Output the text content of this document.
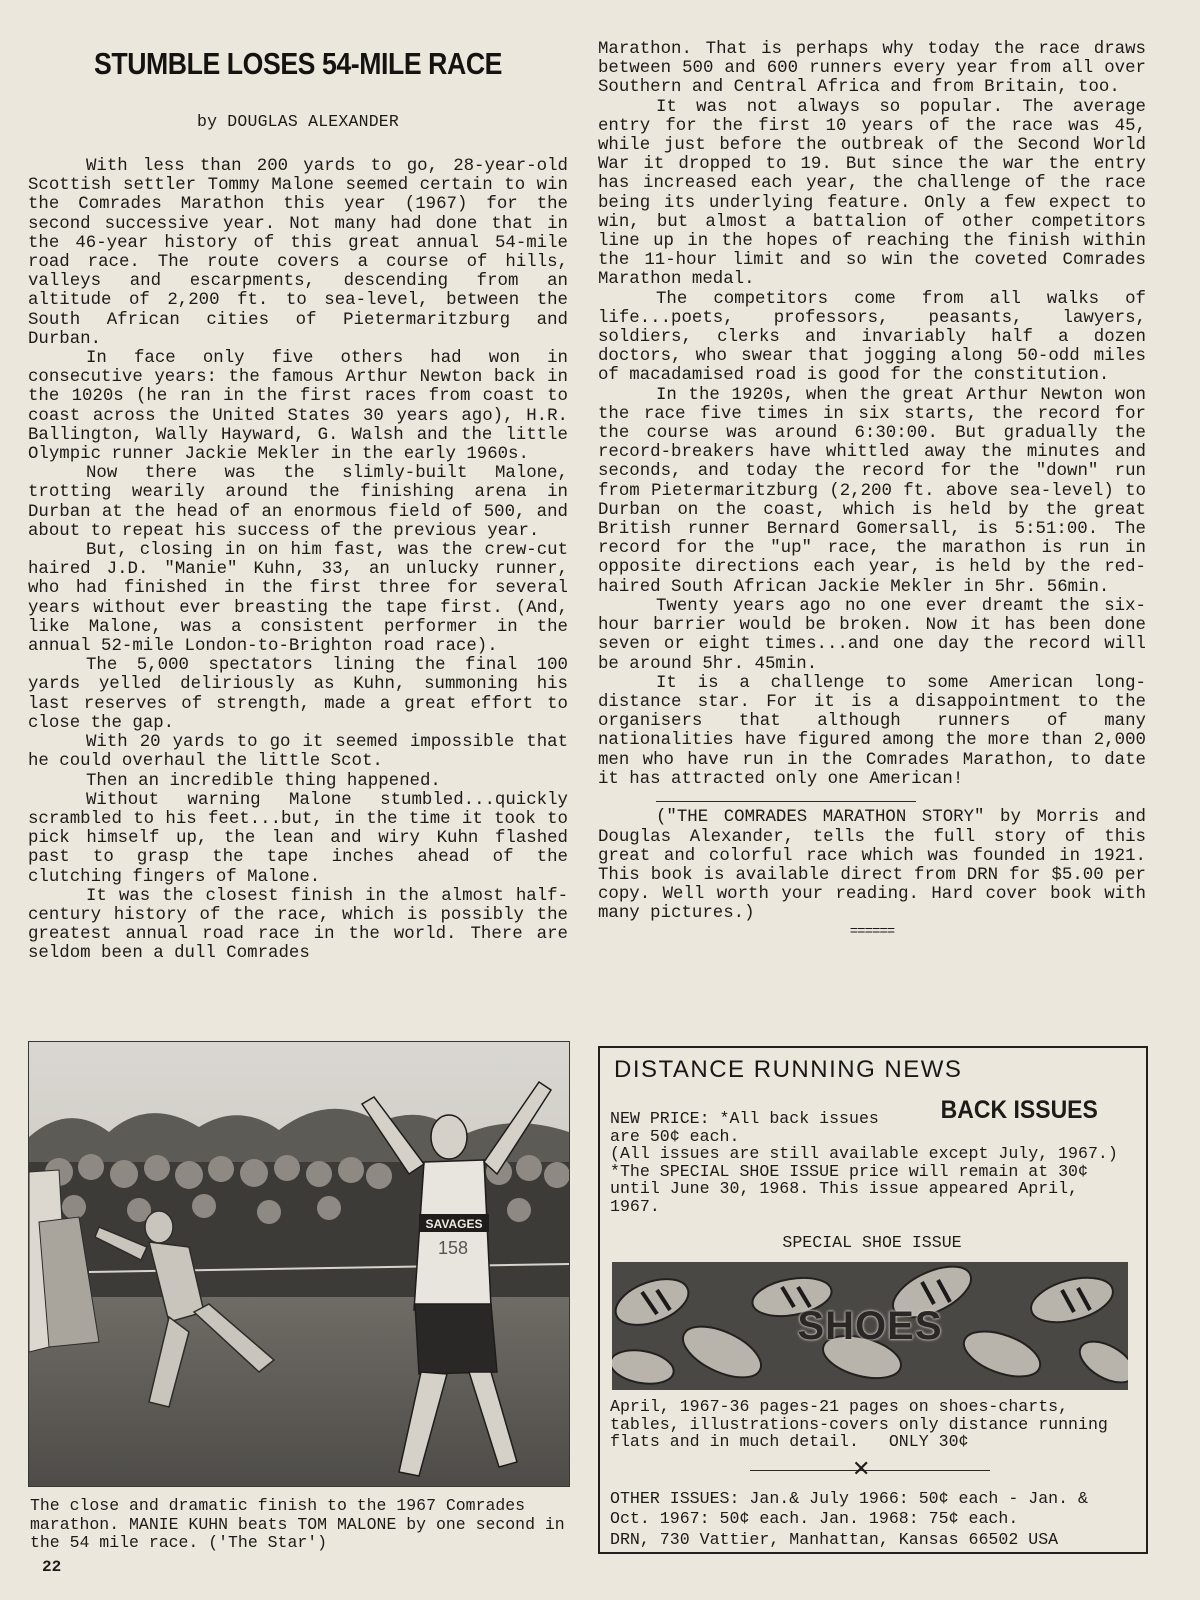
STUMBLE LOSES 54-MILE RACE
by DOUGLAS ALEXANDER

With less than 200 yards to go, 28-year-old Scottish settler Tommy Malone seemed certain to win the Comrades Marathon this year (1967) for the second successive year. Not many had done that in the 46-year history of this great annual 54-mile road race. The route covers a course of hills, valleys and escarpments, descending from an altitude of 2,200 ft. to sea-level, between the South African cities of Pietermaritzburg and Durban.

In face only five others had won in consecutive years: the famous Arthur Newton back in the 1020s (he ran in the first races from coast to coast across the United States 30 years ago), H.R. Ballington, Wally Hayward, G. Walsh and the little Olympic runner Jackie Mekler in the early 1960s.

Now there was the slimly-built Malone, trotting wearily around the finishing arena in Durban at the head of an enormous field of 500, and about to repeat his success of the previous year.

But, closing in on him fast, was the crew-cut haired J.D. "Manie" Kuhn, 33, an unlucky runner, who had finished in the first three for several years without ever breasting the tape first. (And, like Malone, was a consistent performer in the annual 52-mile London-to-Brighton road race).

The 5,000 spectators lining the final 100 yards yelled deliriously as Kuhn, summoning his last reserves of strength, made a great effort to close the gap.

With 20 yards to go it seemed impossible that he could overhaul the little Scot.

Then an incredible thing happened.

Without warning Malone stumbled...quickly scrambled to his feet...but, in the time it took to pick himself up, the lean and wiry Kuhn flashed past to grasp the tape inches ahead of the clutching fingers of Malone.

It was the closest finish in the almost half-century history of the race, which is possibly the greatest annual road race in the world. There are seldom been a dull Comrades

SAVAGES
158

The close and dramatic finish to the 1967 Comrades marathon. MANIE KUHN beats TOM MALONE by one second in the 54 mile race. ('The Star')

22

Marathon. That is perhaps why today the race draws between 500 and 600 runners every year from all over Southern and Central Africa and from Britain, too.

It was not always so popular. The average entry for the first 10 years of the race was 45, while just before the outbreak of the Second World War it dropped to 19. But since the war the entry has increased each year, the challenge of the race being its underlying feature. Only a few expect to win, but almost a battalion of other competitors line up in the hopes of reaching the finish within the 11-hour limit and so win the coveted Comrades Marathon medal.

The competitors come from all walks of life...poets, professors, peasants, lawyers, soldiers, clerks and invariably half a dozen doctors, who swear that jogging along 50-odd miles of macadamised road is good for the constitution.

In the 1920s, when the great Arthur Newton won the race five times in six starts, the record for the course was around 6:30:00. But gradually the record-breakers have whittled away the minutes and seconds, and today the record for the "down" run from Pietermaritzburg (2,200 ft. above sea-level) to Durban on the coast, which is held by the great British runner Bernard Gomersall, is 5:51:00. The record for the "up" race, the marathon is run in opposite directions each year, is held by the red-haired South African Jackie Mekler in 5hr. 56min.

Twenty years ago no one ever dreamt the six-hour barrier would be broken. Now it has been done seven or eight times...and one day the record will be around 5hr. 45min.

It is a challenge to some American long-distance star. For it is a disappointment to the organisers that although runners of many nationalities have figured among the more than 2,000 men who have run in the Comrades Marathon, to date it has attracted only one American!

("THE COMRADES MARATHON STORY" by Morris and Douglas Alexander, tells the full story of this great and colorful race which was founded in 1921. This book is available direct from DRN for $5.00 per copy. Well worth your reading. Hard cover book with many pictures.)

======

DISTANCE RUNNING NEWS
BACK ISSUES

NEW PRICE: *All back issues are 50¢ each.

(All issues are still available except July, 1967.) *The SPECIAL SHOE ISSUE price will remain at 30¢ until June 30, 1968. This issue appeared April, 1967.

SPECIAL SHOE ISSUE
SHOES

April, 1967-36 pages-21 pages on shoes-charts, tables, illustrations-covers only distance running flats and in much detail. ONLY 30¢

✕

OTHER ISSUES: Jan.& July 1966: 50¢ each - Jan. & Oct. 1967: 50¢ each. Jan. 1968: 75¢ each.

DRN, 730 Vattier, Manhattan, Kansas 66502 USA
